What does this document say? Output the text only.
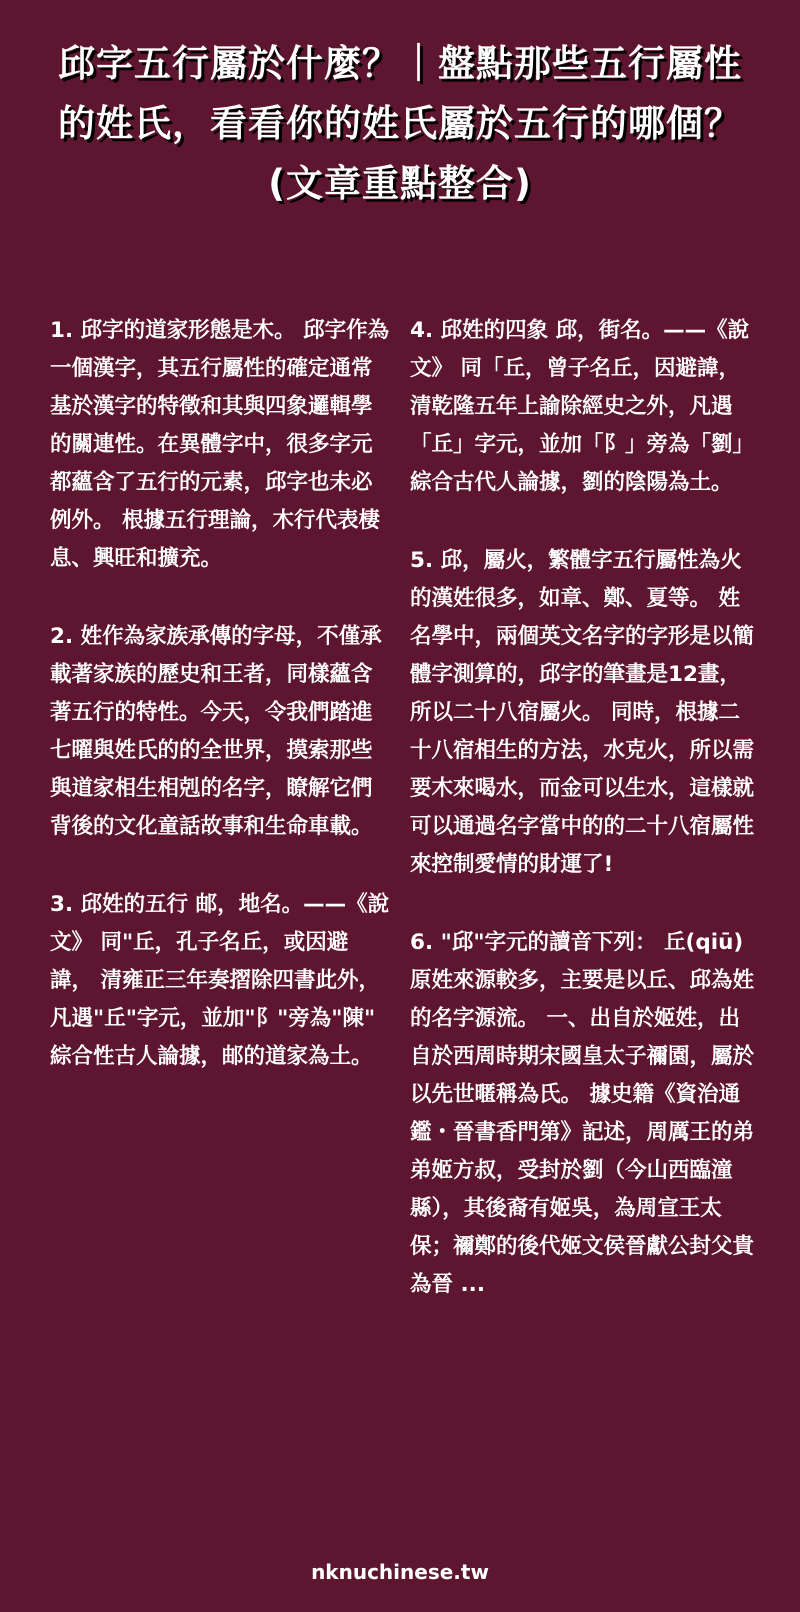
邱字五行屬於什麼？｜盤點那些五行屬性的姓氏，看看你的姓氏屬於五行的哪個？ (文章重點整合)

1. 邱字的道家形態是木。 邱字作為一個漢字，其五行屬性的確定通常基於漢字的特徵和其與四象邏輯學的關連性。在異體字中，很多字元都蘊含了五行的元素，邱字也未必例外。 根據五行理論，木行代表棲息、興旺和擴充。

2. 姓作為家族承傳的字母，不僅承載著家族的歷史和王者，同樣蘊含著五行的特性。今天，令我們踏進七曜與姓氏的的全世界，摸索那些與道家相生相剋的名字，瞭解它們背後的文化童話故事和生命車載。

3. 邱姓的五行 邮，地名。——《說文》 同"丘，孔子名丘，或因避諱， 清雍正三年奏摺除四書此外，凡遇"丘"字元，並加"阝"旁為"陳" 綜合性古人論據，邮的道家為土。

4. 邱姓的四象 邱，街名。——《說文》 同「丘，曾子名丘，因避諱， 清乾隆五年上諭除經史之外，凡遇「丘」字元，並加「阝」旁為「劉」 綜合古代人論據，劉的陰陽為土。

5. 邱，屬火，繁體字五行屬性為火的漢姓很多，如章、鄭、夏等。 姓名學中，兩個英文名字的字形是以簡體字測算的，邱字的筆畫是12畫，所以二十八宿屬火。 同時，根據二十八宿相生的方法，水克火，所以需要木來喝水，而金可以生水，這樣就可以通過名字當中的的二十八宿屬性來控制愛情的財運了!

6. "邱"字元的讀音下列： 丘(qiū)原姓來源較多，主要是以丘、邱為姓的名字源流。 一、出自於姬姓，出自於西周時期宋國皇太子禰園，屬於以先世暱稱為氏。 據史籍《資治通鑑・晉書香門第》記述，周厲王的弟弟姬方叔，受封於劉（今山西臨潼縣），其後裔有姬吳，為周宣王太保；禰鄭的後代姬文侯晉獻公封父貴為晉 ...

nknuchinese.tw
